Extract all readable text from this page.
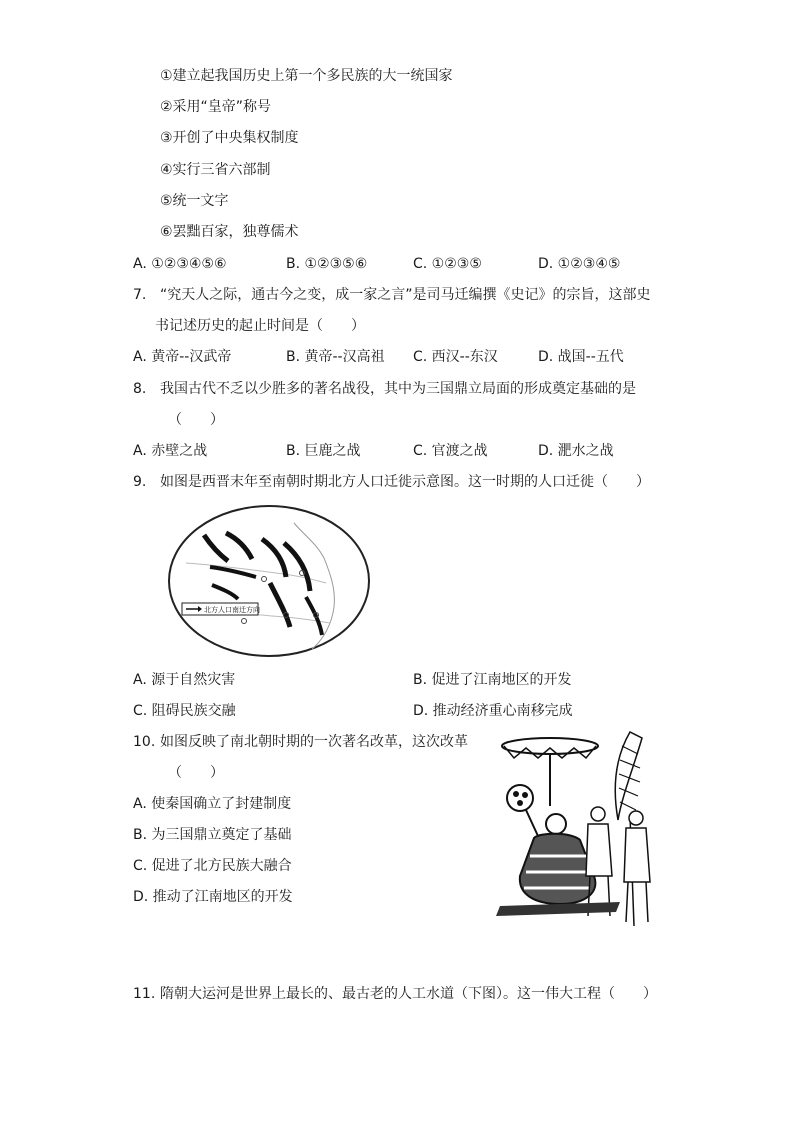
①建立起我国历史上第一个多民族的大一统国家
②采用“皇帝”称号
③开创了中央集权制度
④实行三省六部制
⑤统一文字
⑥罢黜百家，独尊儒术
A. ①②③④⑤⑥	B. ①②③⑤⑥	C. ①②③⑤	D. ①②③④⑤
7. “究天人之际，通古今之变，成一家之言”是司马迁编撰《史记》的宗旨，这部史
书记述历史的起止时间是（　　）
A. 黄帝--汉武帝	B. 黄帝--汉高祖 C. 西汉--东汉	D. 战国--五代
8. 我国古代不乏以少胜多的著名战役，其中为三国鼎立局面的形成奠定基础的是
（　　）
A. 赤壁之战	B. 巨鹿之战	C. 官渡之战	D. 淝水之战
9. 如图是西晋末年至南朝时期北方人口迁徙示意图。这一时期的人口迁徙（　　）
北方人口南迁方向
A. 源于自然灾害	B. 促进了江南地区的开发
C. 阻碍民族交融	D. 推动经济重心南移完成
10. 如图反映了南北朝时期的一次著名改革，这次改革
（　　）
A. 使秦国确立了封建制度
B. 为三国鼎立奠定了基础
C. 促进了北方民族大融合
D. 推动了江南地区的开发
11. 隋朝大运河是世界上最长的、最古老的人工水道（下图）。这一伟大工程（　　）
